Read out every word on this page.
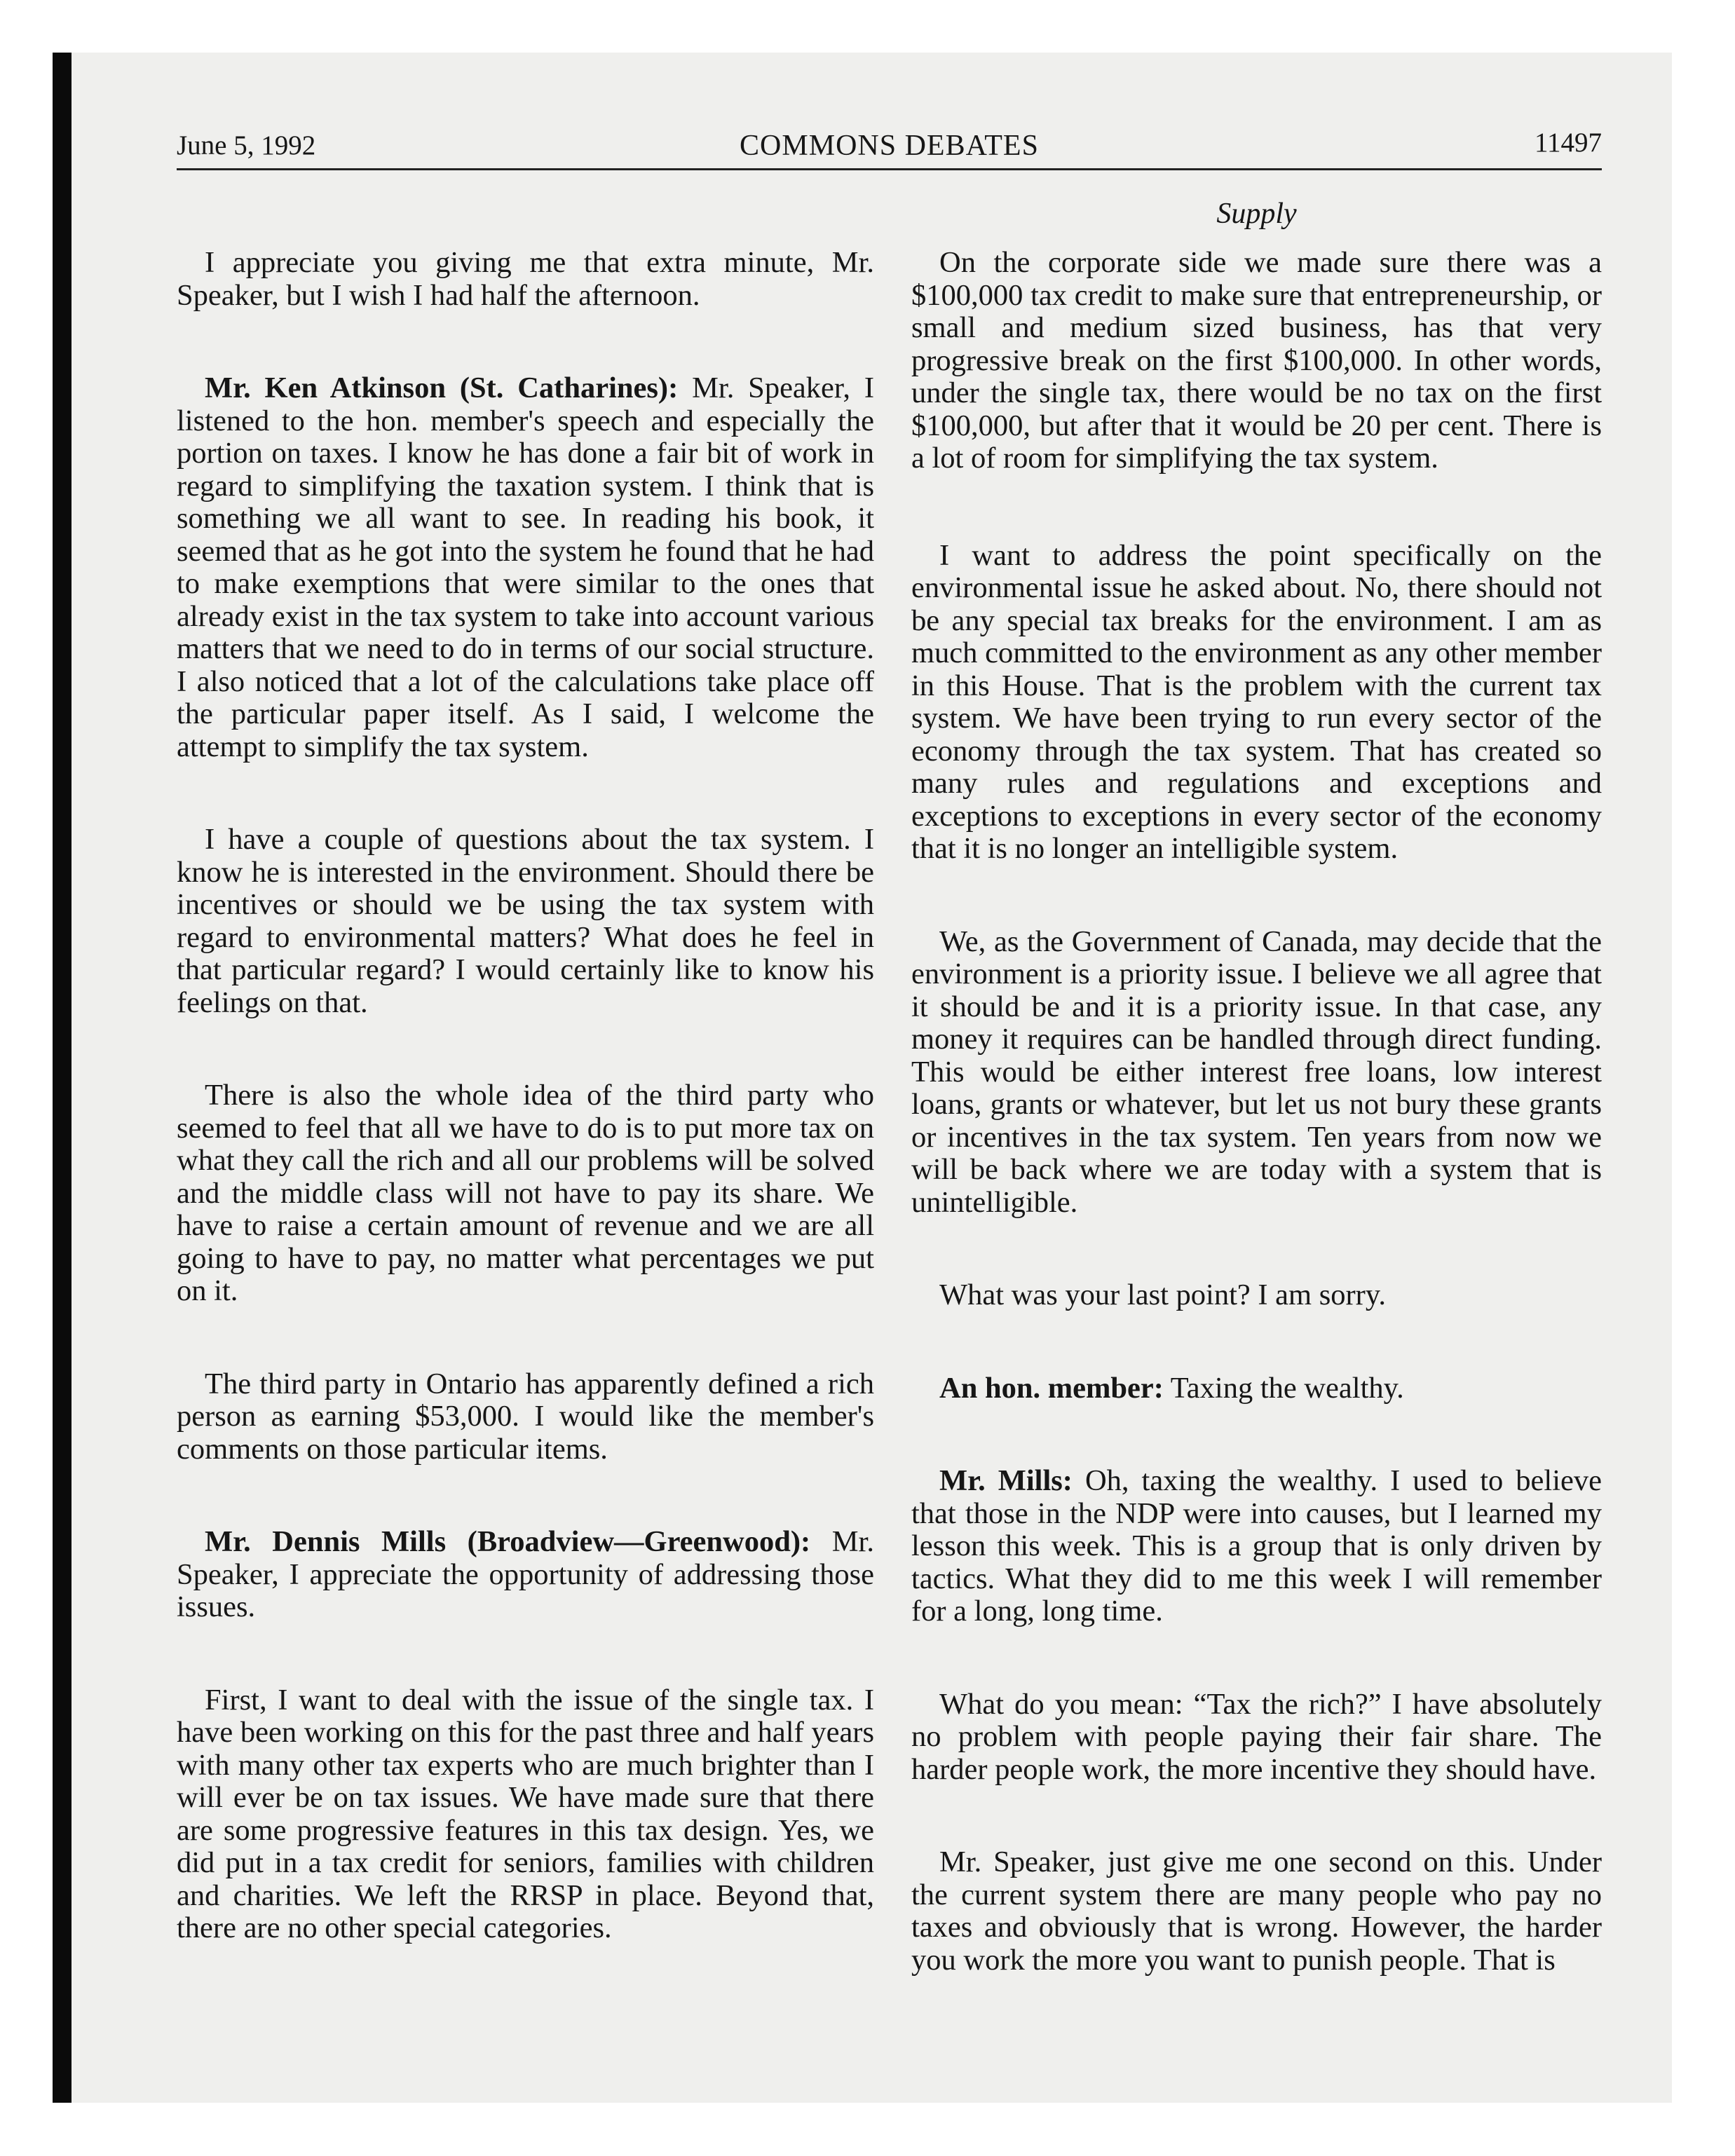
June 5, 1992	COMMONS DEBATES	11497
Supply

I appreciate you giving me that extra minute, Mr. Speaker, but I wish I had half the afternoon.

Mr. Ken Atkinson (St. Catharines): Mr. Speaker, I listened to the hon. member's speech and especially the portion on taxes. I know he has done a fair bit of work in regard to simplifying the taxation system. I think that is something we all want to see. In reading his book, it seemed that as he got into the system he found that he had to make exemptions that were similar to the ones that already exist in the tax system to take into account various matters that we need to do in terms of our social structure. I also noticed that a lot of the calculations take place off the particular paper itself. As I said, I welcome the attempt to simplify the tax system.

I have a couple of questions about the tax system. I know he is interested in the environment. Should there be incentives or should we be using the tax system with regard to environmental matters? What does he feel in that particular regard? I would certainly like to know his feelings on that.

There is also the whole idea of the third party who seemed to feel that all we have to do is to put more tax on what they call the rich and all our problems will be solved and the middle class will not have to pay its share. We have to raise a certain amount of revenue and we are all going to have to pay, no matter what percentages we put on it.

The third party in Ontario has apparently defined a rich person as earning $53,000. I would like the member's comments on those particular items.

Mr. Dennis Mills (Broadview—Greenwood): Mr. Speaker, I appreciate the opportunity of addressing those issues.

First, I want to deal with the issue of the single tax. I have been working on this for the past three and half years with many other tax experts who are much brighter than I will ever be on tax issues. We have made sure that there are some progressive features in this tax design. Yes, we did put in a tax credit for seniors, families with children and charities. We left the RRSP in place. Beyond that, there are no other special categories.

On the corporate side we made sure there was a $100,000 tax credit to make sure that entrepreneurship, or small and medium sized business, has that very progressive break on the first $100,000. In other words, under the single tax, there would be no tax on the first $100,000, but after that it would be 20 per cent. There is a lot of room for simplifying the tax system.

I want to address the point specifically on the environmental issue he asked about. No, there should not be any special tax breaks for the environment. I am as much committed to the environment as any other member in this House. That is the problem with the current tax system. We have been trying to run every sector of the economy through the tax system. That has created so many rules and regulations and exceptions and exceptions to exceptions in every sector of the economy that it is no longer an intelligible system.

We, as the Government of Canada, may decide that the environment is a priority issue. I believe we all agree that it should be and it is a priority issue. In that case, any money it requires can be handled through direct funding. This would be either interest free loans, low interest loans, grants or whatever, but let us not bury these grants or incentives in the tax system. Ten years from now we will be back where we are today with a system that is unintelligible.

What was your last point? I am sorry.

An hon. member: Taxing the wealthy.

Mr. Mills: Oh, taxing the wealthy. I used to believe that those in the NDP were into causes, but I learned my lesson this week. This is a group that is only driven by tactics. What they did to me this week I will remember for a long, long time.

What do you mean: “Tax the rich?” I have absolutely no problem with people paying their fair share. The harder people work, the more incentive they should have.

Mr. Speaker, just give me one second on this. Under the current system there are many people who pay no taxes and obviously that is wrong. However, the harder you work the more you want to punish people. That is
